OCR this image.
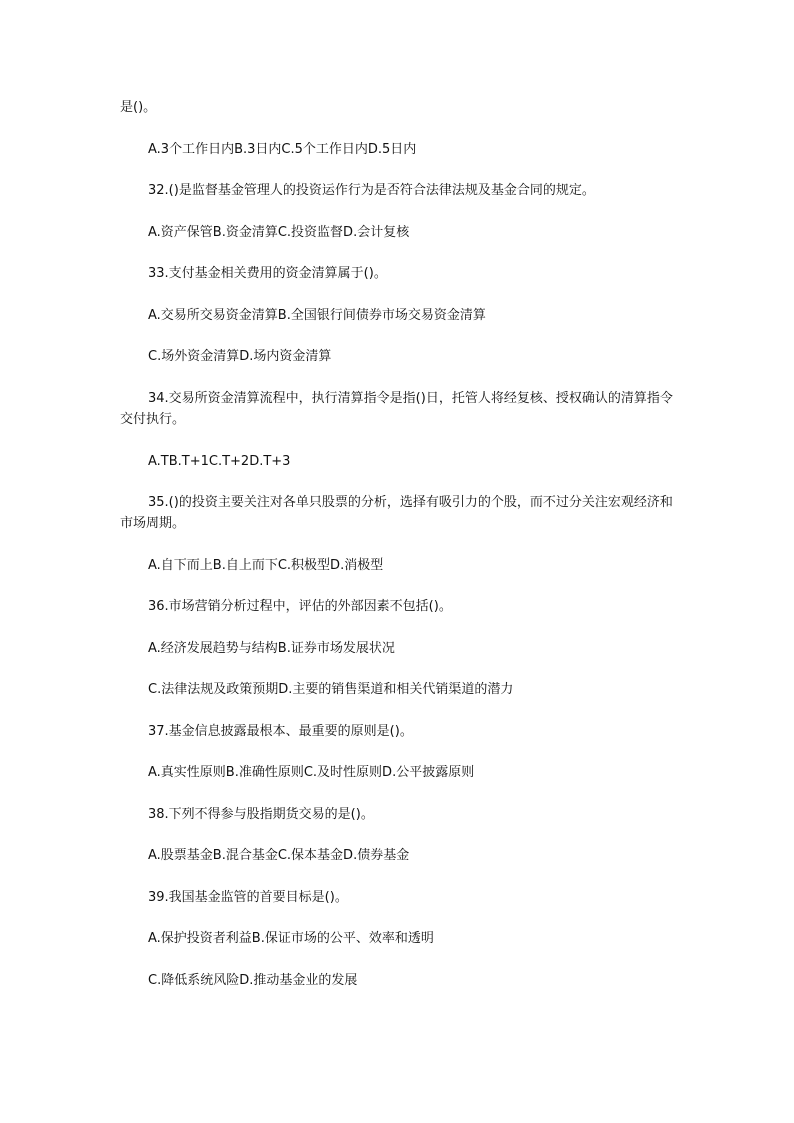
是()。
A.3个工作日内B.3日内C.5个工作日内D.5日内
32.()是监督基金管理人的投资运作行为是否符合法律法规及基金合同的规定。
A.资产保管B.资金清算C.投资监督D.会计复核
33.支付基金相关费用的资金清算属于()。
A.交易所交易资金清算B.全国银行间债券市场交易资金清算
C.场外资金清算D.场内资金清算
34.交易所资金清算流程中，执行清算指令是指()日，托管人将经复核、授权确认的清算指令交付执行。
A.TB.T+1C.T+2D.T+3
35.()的投资主要关注对各单只股票的分析，选择有吸引力的个股，而不过分关注宏观经济和市场周期。
A.自下而上B.自上而下C.积极型D.消极型
36.市场营销分析过程中，评估的外部因素不包括()。
A.经济发展趋势与结构B.证券市场发展状况
C.法律法规及政策预期D.主要的销售渠道和相关代销渠道的潜力
37.基金信息披露最根本、最重要的原则是()。
A.真实性原则B.准确性原则C.及时性原则D.公平披露原则
38.下列不得参与股指期货交易的是()。
A.股票基金B.混合基金C.保本基金D.债券基金
39.我国基金监管的首要目标是()。
A.保护投资者利益B.保证市场的公平、效率和透明
C.降低系统风险D.推动基金业的发展
